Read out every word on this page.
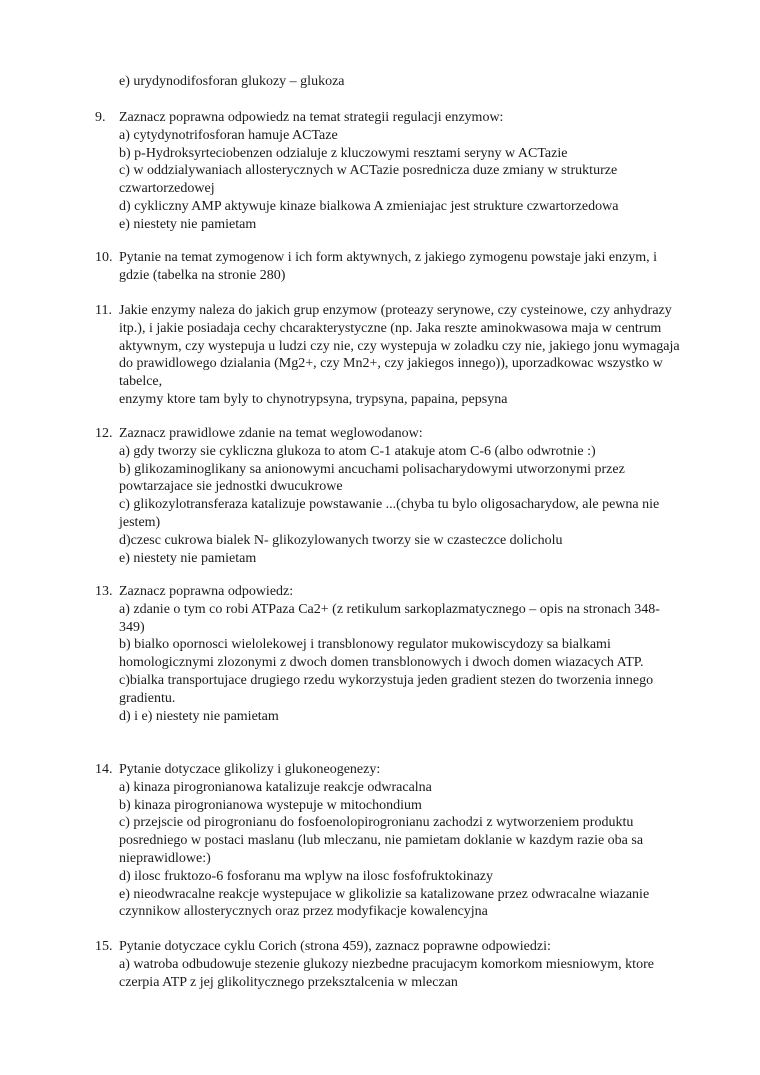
e) urydynodifosforan glukozy – glukoza

9. Zaznacz poprawna odpowiedz na temat strategii regulacji enzymow:

a) cytydynotrifosforan hamuje ACTaze

b) p-Hydroksyrteciobenzen odzialuje z kluczowymi resztami seryny w ACTazie

c) w oddzialywaniach allosterycznych w ACTazie posrednicza duze zmiany w strukturze czwartorzedowej

d) cykliczny AMP aktywuje kinaze bialkowa A zmieniajac jest strukture czwartorzedowa

e) niestety nie pamietam

10. Pytanie na temat zymogenow i ich form aktywnych, z jakiego zymogenu powstaje jaki enzym, i gdzie (tabelka na stronie 280)

11. Jakie enzymy naleza do jakich grup enzymow (proteazy serynowe, czy cysteinowe, czy anhydrazy itp.), i jakie posiadaja cechy chcarakterystyczne (np. Jaka reszte aminokwasowa maja w centrum aktywnym, czy wystepuja u ludzi czy nie, czy wystepuja w zoladku czy nie, jakiego jonu wymagaja do prawidlowego dzialania (Mg2+, czy Mn2+, czy jakiegos innego)), uporzadkowac wszystko w tabelce,

enzymy ktore tam byly to chynotrypsyna, trypsyna, papaina, pepsyna

12. Zaznacz prawidlowe zdanie na temat weglowodanow:

a) gdy tworzy sie cykliczna glukoza to atom C-1 atakuje atom C-6 (albo odwrotnie :)

b) glikozaminoglikany sa anionowymi ancuchami polisacharydowymi utworzonymi przez powtarzajace sie jednostki dwucukrowe

c) glikozylotransferaza katalizuje powstawanie ...(chyba tu bylo oligosacharydow, ale pewna nie jestem)

d)czesc cukrowa bialek N- glikozylowanych tworzy sie w czasteczce dolicholu

e) niestety nie pamietam

13. Zaznacz poprawna odpowiedz:

a) zdanie o tym co robi ATPaza Ca2+ (z retikulum sarkoplazmatycznego – opis na stronach 348-349)

b) bialko opornosci wielolekowej i transblonowy regulator mukowiscydozy sa bialkami homologicznymi zlozonymi z dwoch domen transblonowych i dwoch domen wiazacych ATP.

c)bialka transportujace drugiego rzedu wykorzystuja jeden gradient stezen do tworzenia innego gradientu.

d) i e) niestety nie pamietam

14. Pytanie dotyczace glikolizy i glukoneogenezy:

a) kinaza pirogronianowa katalizuje reakcje odwracalna

b) kinaza pirogronianowa wystepuje w mitochondium

c) przejscie od pirogronianu do fosfoenolopirogronianu zachodzi z wytworzeniem produktu posredniego w postaci maslanu (lub mleczanu, nie pamietam doklanie w kazdym razie oba sa nieprawidlowe:)

d) ilosc fruktozo-6 fosforanu ma wplyw na ilosc fosfofruktokinazy

e) nieodwracalne reakcje wystepujace w glikolizie sa katalizowane przez odwracalne wiazanie czynnikow allosterycznych oraz przez modyfikacje kowalencyjna

15. Pytanie dotyczace cyklu Corich (strona 459), zaznacz poprawne odpowiedzi:

a) watroba odbudowuje stezenie glukozy niezbedne pracujacym komorkom miesniowym, ktore czerpia ATP z jej glikolitycznego przeksztalcenia w mleczan
